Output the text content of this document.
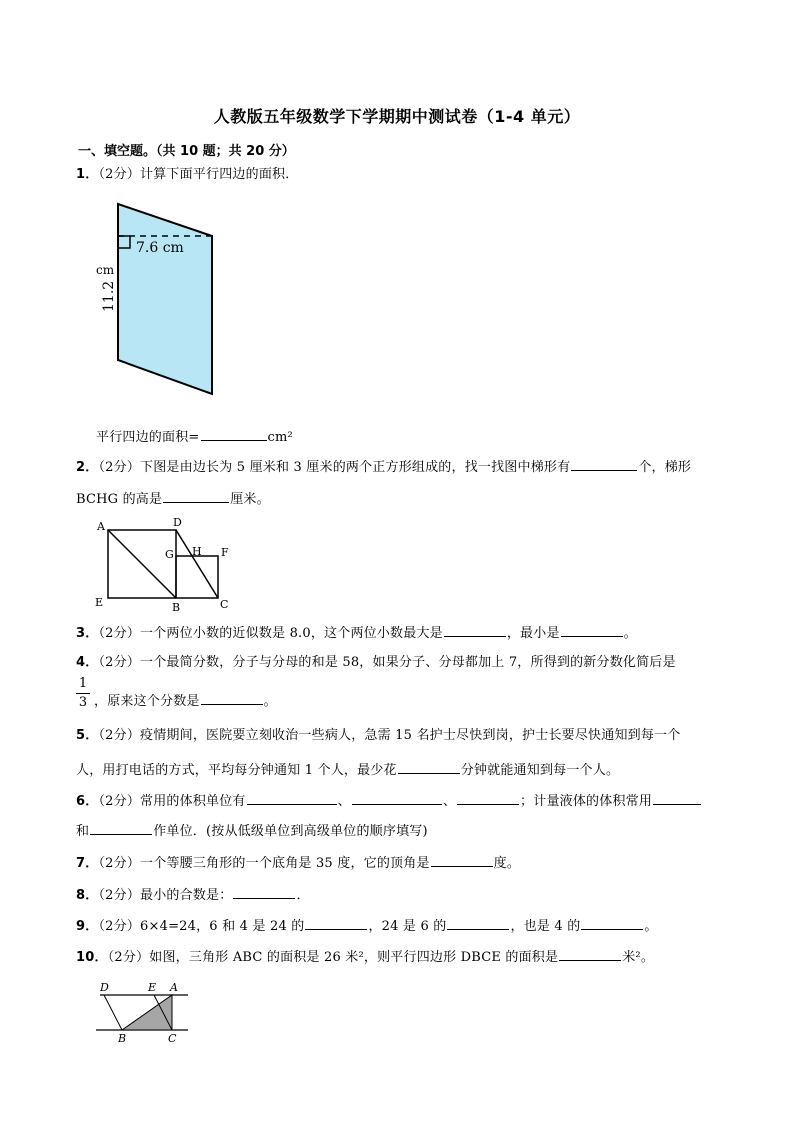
人教版五年级数学下学期期中测试卷（1-4 单元）
一、填空题。（共 10 题；共 20 分）
1．（2分）计算下面平行四边的面积．
7.6 cm
cm
11.2
平行四边的面积=	cm²
2．（2分）下图是由边长为 5 厘米和 3 厘米的两个正方形组成的，找一找图中梯形有	个，梯形
BCHG 的高是	厘米。
A	D
G H F
E	B	C
3．（2分）一个两位小数的近似数是 8.0，这个两位小数最大是	，最小是	。
4．（2分）一个最简分数，分子与分母的和是 58，如果分子、分母都加上 7，所得到的新分数化简后是
1
3 ，原来这个分数是	。
5．（2分）疫情期间，医院要立刻收治一些病人，急需 15 名护士尽快到岗，护士长要尽快通知到每一个
人，用打电话的方式，平均每分钟通知 1 个人，最少花	分钟就能通知到每一个人。
6．（2分）常用的体积单位有	、	、	；计量液体的体积常用
和	作单位．(按从低级单位到高级单位的顺序填写)
7．（2分）一个等腰三角形的一个底角是 35 度，它的顶角是	度。
8．（2分）最小的合数是：	．
9．（2分）6×4=24，6 和 4 是 24 的	，24 是 6 的	，也是 4 的	。
10．（2分）如图，三角形 ABC 的面积是 26 米²，则平行四边形 DBCE 的面积是	米²。
D	E A
B	C
